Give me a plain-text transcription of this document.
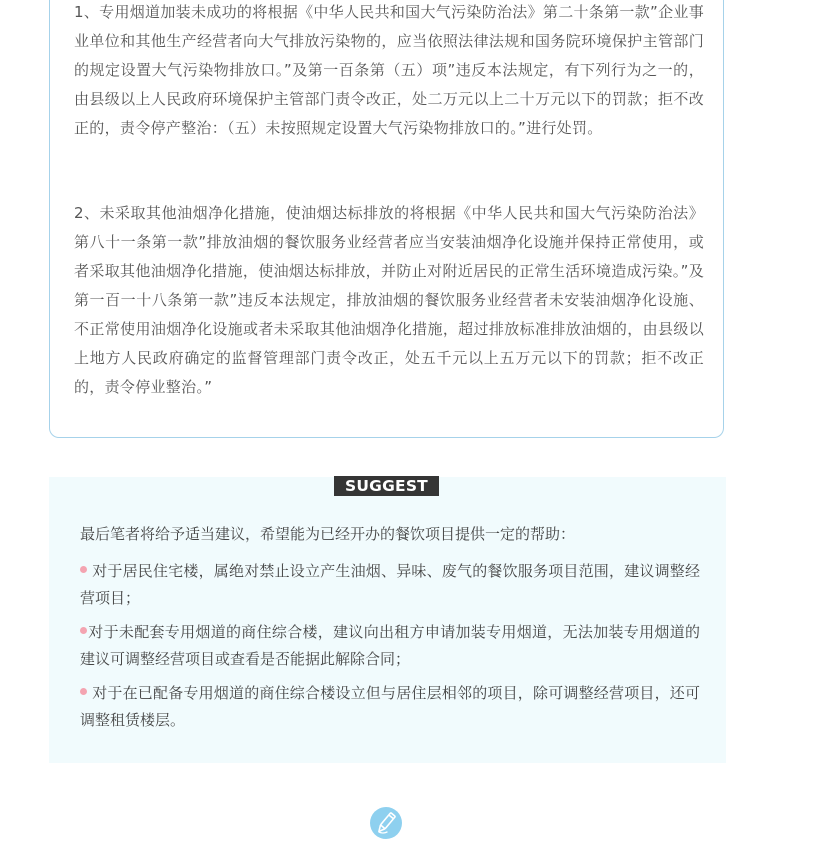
1、专用烟道加装未成功的将根据《中华人民共和国大气污染防治法》第二十条第一款”企业事业单位和其他生产经营者向大气排放污染物的，应当依照法律法规和国务院环境保护主管部门的规定设置大气污染物排放口。”及第一百条第（五）项”违反本法规定，有下列行为之一的，由县级以上人民政府环境保护主管部门责令改正，处二万元以上二十万元以下的罚款；拒不改正的，责令停产整治：（五）未按照规定设置大气污染物排放口的。”进行处罚。

2、未采取其他油烟净化措施，使油烟达标排放的将根据《中华人民共和国大气污染防治法》第八十一条第一款”排放油烟的餐饮服务业经营者应当安装油烟净化设施并保持正常使用，或者采取其他油烟净化措施，使油烟达标排放，并防止对附近居民的正常生活环境造成污染。”及第一百一十八条第一款”违反本法规定，排放油烟的餐饮服务业经营者未安装油烟净化设施、不正常使用油烟净化设施或者未采取其他油烟净化措施，超过排放标准排放油烟的，由县级以上地方人民政府确定的监督管理部门责令改正，处五千元以上五万元以下的罚款；拒不改正的，责令停业整治。”

SUGGEST

最后笔者将给予适当建议，希望能为已经开办的餐饮项目提供一定的帮助：

对于居民住宅楼，属绝对禁止设立产生油烟、异味、废气的餐饮服务项目范围，建议调整经营项目；

对于未配套专用烟道的商住综合楼，建议向出租方申请加装专用烟道，无法加装专用烟道的建议可调整经营项目或查看是否能据此解除合同；

对于在已配备专用烟道的商住综合楼设立但与居住层相邻的项目，除可调整经营项目，还可调整租赁楼层。
